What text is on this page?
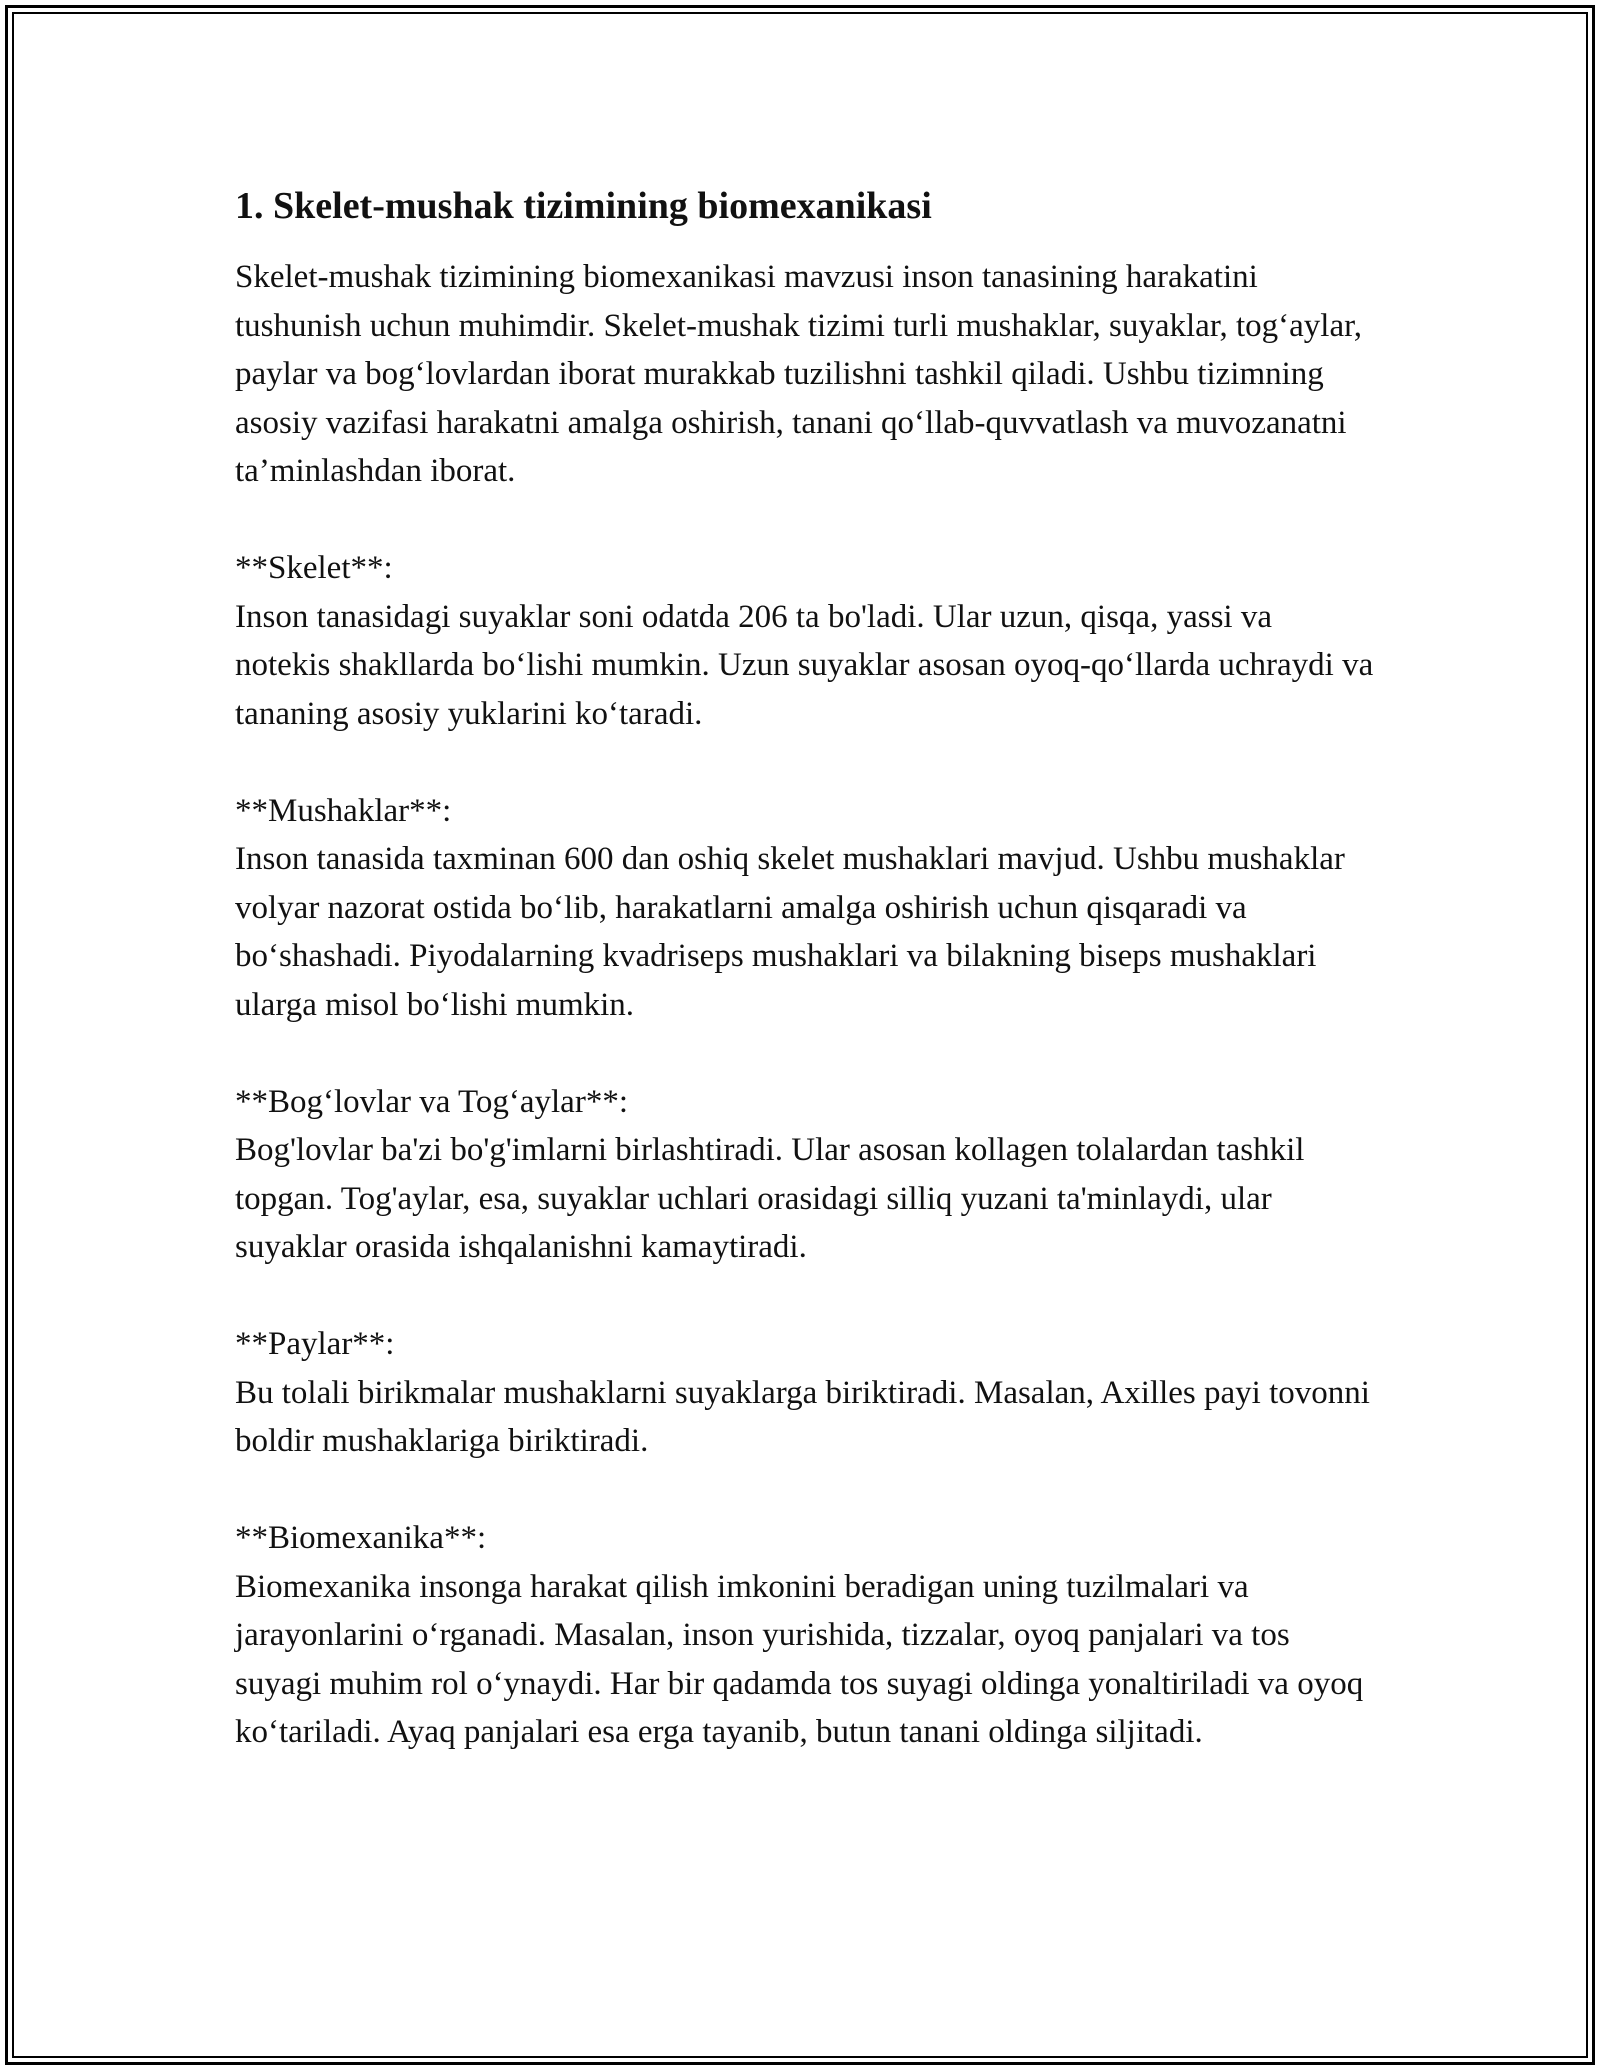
1. Skelet-mushak tizimining biomexanikasi

Skelet-mushak tizimining biomexanikasi mavzusi inson tanasining harakatini tushunish uchun muhimdir. Skelet-mushak tizimi turli mushaklar, suyaklar, tog‘aylar, paylar va bog‘lovlardan iborat murakkab tuzilishni tashkil qiladi. Ushbu tizimning asosiy vazifasi harakatni amalga oshirish, tanani qo‘llab-quvvatlash va muvozanatni ta’minlashdan iborat.

**Skelet**:

Inson tanasidagi suyaklar soni odatda 206 ta bo'ladi. Ular uzun, qisqa, yassi va notekis shakllarda bo‘lishi mumkin. Uzun suyaklar asosan oyoq-qo‘llarda uchraydi va tananing asosiy yuklarini ko‘taradi.

**Mushaklar**:

Inson tanasida taxminan 600 dan oshiq skelet mushaklari mavjud. Ushbu mushaklar volyar nazorat ostida bo‘lib, harakatlarni amalga oshirish uchun qisqaradi va bo‘shashadi. Piyodalarning kvadriseps mushaklari va bilakning biseps mushaklari ularga misol bo‘lishi mumkin.

**Bog‘lovlar va Tog‘aylar**:

Bog'lovlar ba'zi bo'g'imlarni birlashtiradi. Ular asosan kollagen tolalardan tashkil topgan. Tog'aylar, esa, suyaklar uchlari orasidagi silliq yuzani ta'minlaydi, ular suyaklar orasida ishqalanishni kamaytiradi.

**Paylar**:

Bu tolali birikmalar mushaklarni suyaklarga biriktiradi. Masalan, Axilles payi tovonni boldir mushaklariga biriktiradi.

**Biomexanika**:

Biomexanika insonga harakat qilish imkonini beradigan uning tuzilmalari va jarayonlarini o‘rganadi. Masalan, inson yurishida, tizzalar, oyoq panjalari va tos suyagi muhim rol o‘ynaydi. Har bir qadamda tos suyagi oldinga yonaltiriladi va oyoq ko‘tariladi. Ayaq panjalari esa erga tayanib, butun tanani oldinga siljitadi.
